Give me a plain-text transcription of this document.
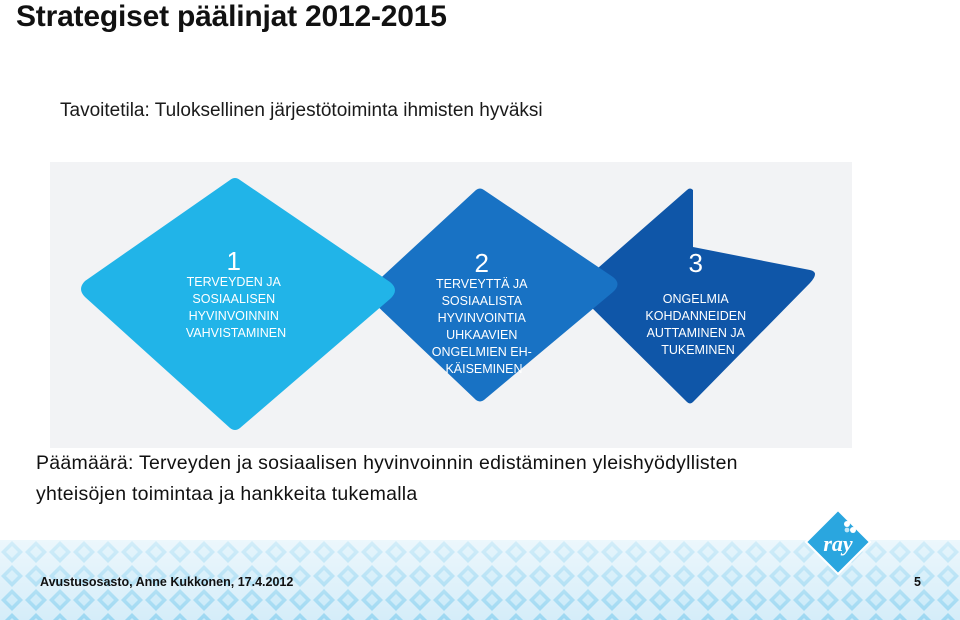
Strategiset päälinjat 2012-2015
Tavoitetila: Tuloksellinen järjestötoiminta ihmisten hyväksi
3 ONGELMIA KOHDANNEIDEN AUTTAMINEN JA TUKEMINEN
2 TERVEYTTÄ JA SOSIAALISTA HYVINVOINTIA UHKAAVIEN ONGELMIEN EH- KÄISEMINEN
1 TERVEYDEN JA SOSIAALISEN HYVINVOINNIN VAHVISTAMINEN
Päämäärä: Terveyden ja sosiaalisen hyvinvoinnin edistäminen yleishyödyllisten
yhteisöjen toimintaa ja hankkeita tukemalla
Avustusosasto, Anne Kukkonen, 17.4.2012	5
ray
